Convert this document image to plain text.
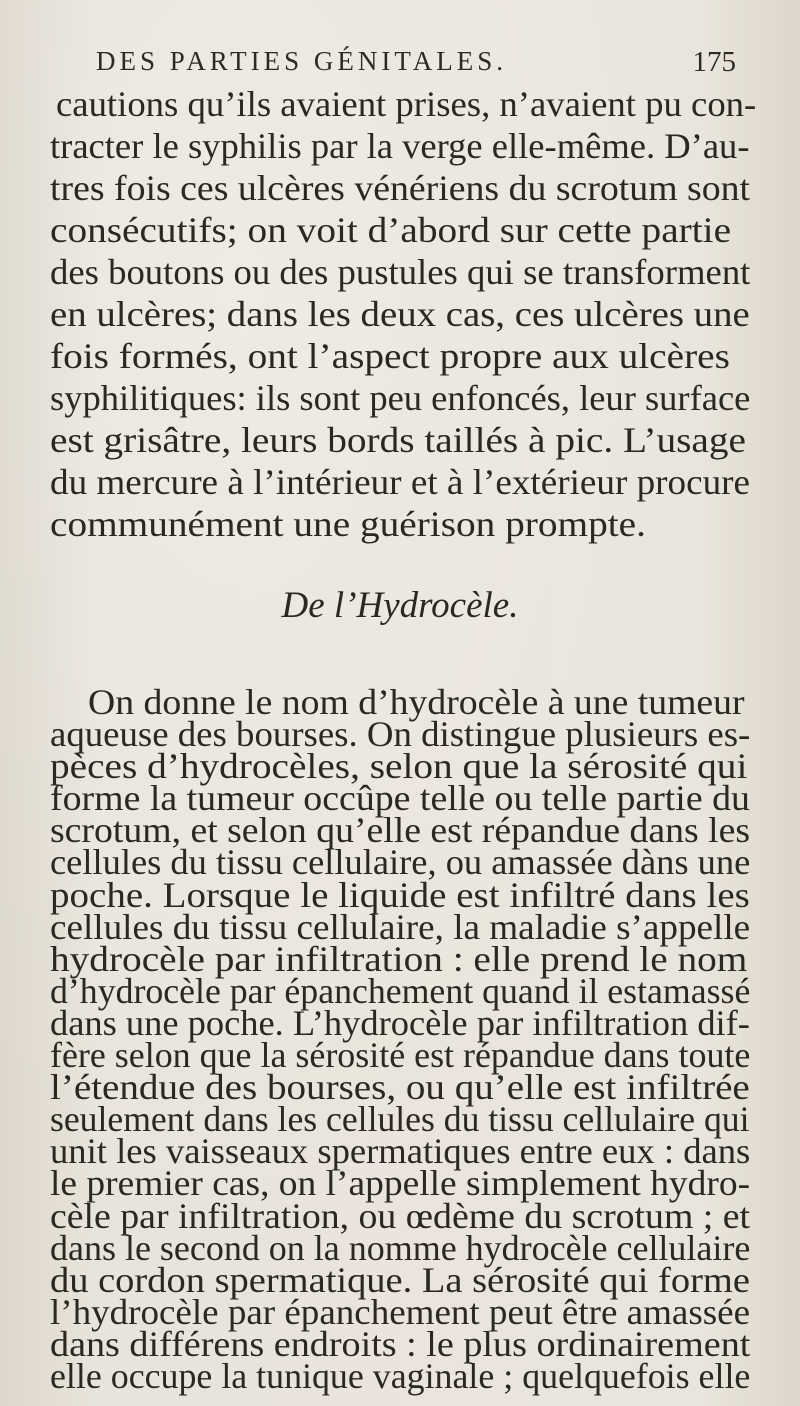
DES PARTIES GÉNITALES.	175
cautions qu’ils avaient prises, n’avaient pu con-
tracter le syphilis par la verge elle-même. D’au-
tres fois ces ulcères vénériens du scrotum sont
consécutifs; on voit d’abord sur cette partie
des boutons ou des pustules qui se transforment
en ulcères; dans les deux cas, ces ulcères une
fois formés, ont l’aspect propre aux ulcères
syphilitiques: ils sont peu enfoncés, leur surface
est grisâtre, leurs bords taillés à pic. L’usage
du mercure à l’intérieur et à l’extérieur procure
communément une guérison prompte.
De l’Hydrocèle.
On donne le nom d’hydrocèle à une tumeur
aqueuse des bourses. On distingue plusieurs es-
pèces d’hydrocèles, selon que la sérosité qui
forme la tumeur occûpe telle ou telle partie du
scrotum, et selon qu’elle est répandue dans les
cellules du tissu cellulaire, ou amassée dàns une
poche. Lorsque le liquide est infiltré dans les
cellules du tissu cellulaire, la maladie s’appelle
hydrocèle par infiltration : elle prend le nom
d’hydrocèle par épanchement quand il estamassé
dans une poche. L’hydrocèle par infiltration dif-
fère selon que la sérosité est répandue dans toute
l’étendue des bourses, ou qu’elle est infiltrée
seulement dans les cellules du tissu cellulaire qui
unit les vaisseaux spermatiques entre eux : dans
le premier cas, on l’appelle simplement hydro-
cèle par infiltration, ou œdème du scrotum ; et
dans le second on la nomme hydrocèle cellulaire
du cordon spermatique. La sérosité qui forme
l’hydrocèle par épanchement peut être amassée
dans différens endroits : le plus ordinairement
elle occupe la tunique vaginale ; quelquefois elle
